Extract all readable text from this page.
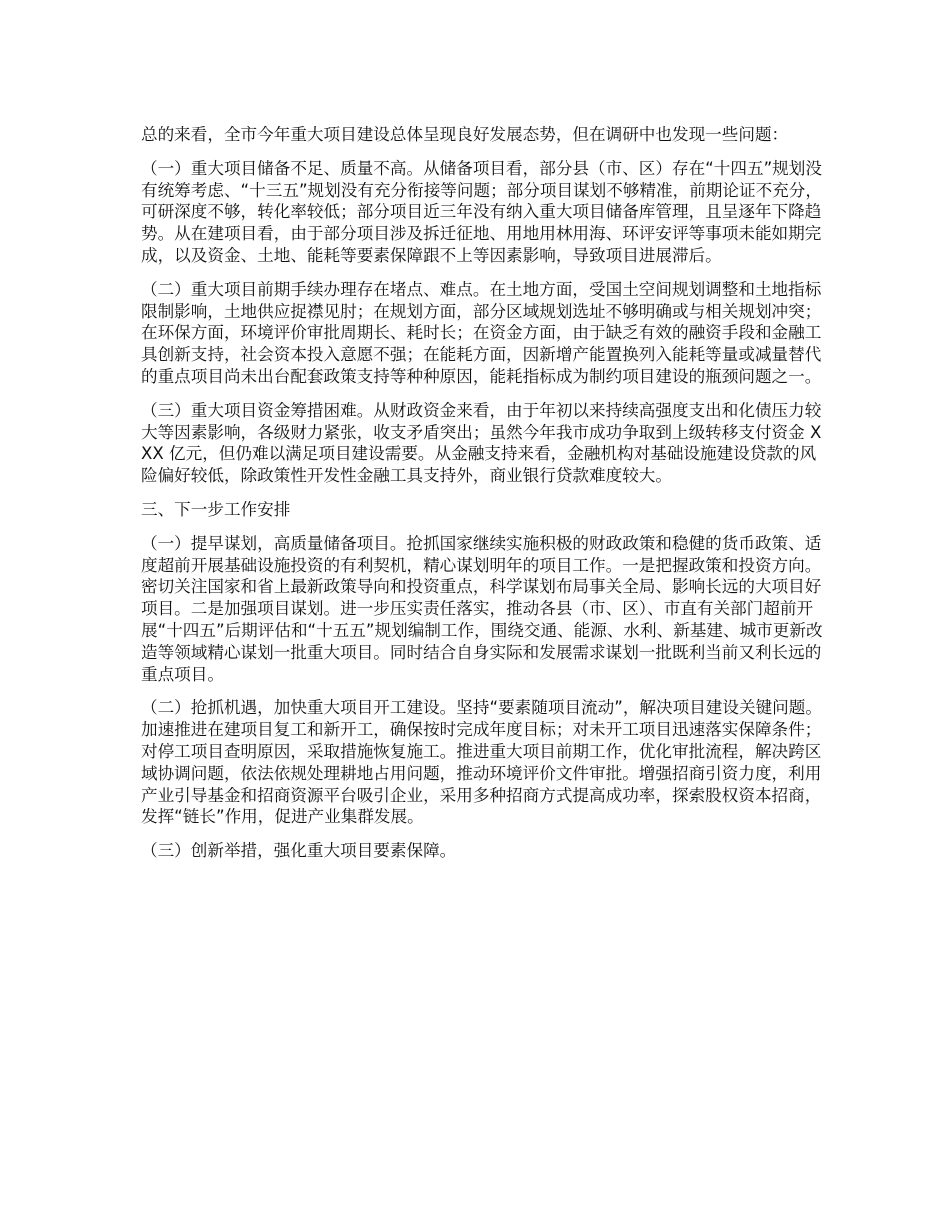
总的来看，全市今年重大项目建设总体呈现良好发展态势，但在调研中也发现一些问题：

（一）重大项目储备不足、质量不高。从储备项目看，部分县（市、区）存在“十四五”规划没有统筹考虑、“十三五”规划没有充分衔接等问题；部分项目谋划不够精准，前期论证不充分，可研深度不够，转化率较低；部分项目近三年没有纳入重大项目储备库管理，且呈逐年下降趋势。从在建项目看，由于部分项目涉及拆迁征地、用地用林用海、环评安评等事项未能如期完成，以及资金、土地、能耗等要素保障跟不上等因素影响，导致项目进展滞后。

（二）重大项目前期手续办理存在堵点、难点。在土地方面，受国土空间规划调整和土地指标限制影响，土地供应捉襟见肘；在规划方面，部分区域规划选址不够明确或与相关规划冲突；在环保方面，环境评价审批周期长、耗时长；在资金方面，由于缺乏有效的融资手段和金融工具创新支持，社会资本投入意愿不强；在能耗方面，因新增产能置换列入能耗等量或减量替代的重点项目尚未出台配套政策支持等种种原因，能耗指标成为制约项目建设的瓶颈问题之一。

（三）重大项目资金筹措困难。从财政资金来看，由于年初以来持续高强度支出和化债压力较大等因素影响，各级财力紧张，收支矛盾突出；虽然今年我市成功争取到上级转移支付资金 XXX 亿元，但仍难以满足项目建设需要。从金融支持来看，金融机构对基础设施建设贷款的风险偏好较低，除政策性开发性金融工具支持外，商业银行贷款难度较大。

三、下一步工作安排

（一）提早谋划，高质量储备项目。抢抓国家继续实施积极的财政政策和稳健的货币政策、适度超前开展基础设施投资的有利契机，精心谋划明年的项目工作。一是把握政策和投资方向。密切关注国家和省上最新政策导向和投资重点，科学谋划布局事关全局、影响长远的大项目好项目。二是加强项目谋划。进一步压实责任落实，推动各县（市、区）、市直有关部门超前开展“十四五”后期评估和“十五五”规划编制工作，围绕交通、能源、水利、新基建、城市更新改造等领域精心谋划一批重大项目。同时结合自身实际和发展需求谋划一批既利当前又利长远的重点项目。

（二）抢抓机遇，加快重大项目开工建设。坚持“要素随项目流动”，解决项目建设关键问题。加速推进在建项目复工和新开工，确保按时完成年度目标；对未开工项目迅速落实保障条件；对停工项目查明原因，采取措施恢复施工。推进重大项目前期工作，优化审批流程，解决跨区域协调问题，依法依规处理耕地占用问题，推动环境评价文件审批。增强招商引资力度，利用产业引导基金和招商资源平台吸引企业，采用多种招商方式提高成功率，探索股权资本招商，发挥“链长”作用，促进产业集群发展。

（三）创新举措，强化重大项目要素保障。
